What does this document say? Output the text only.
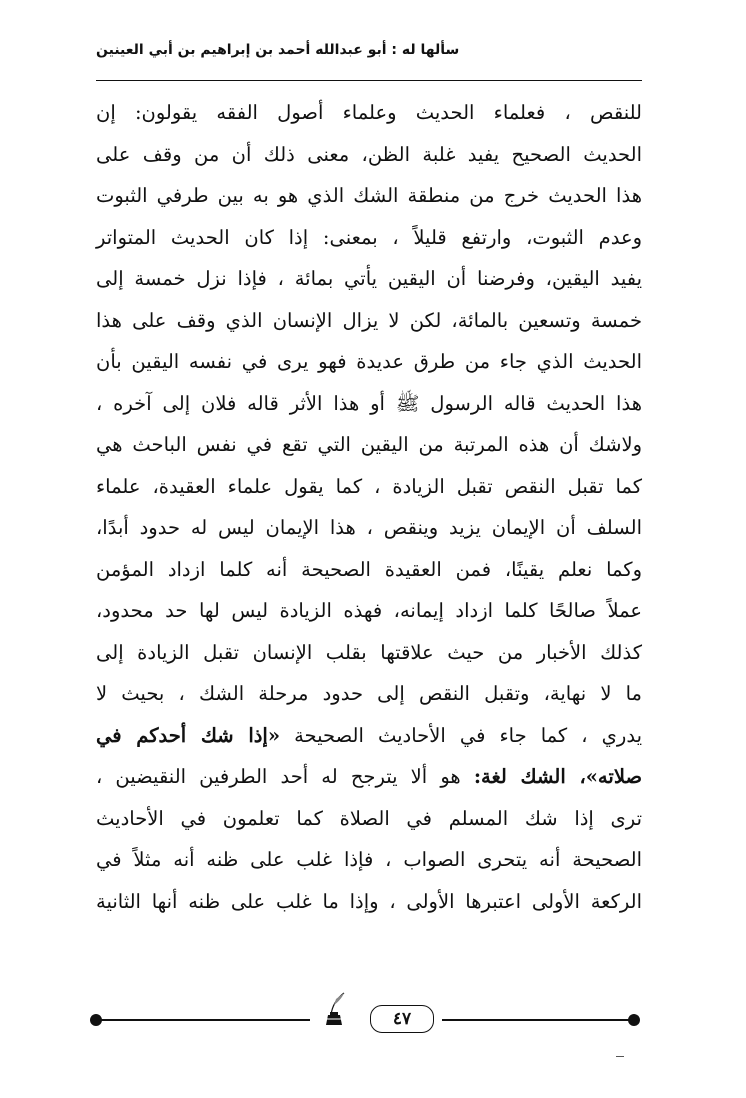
سألها له : أبو عبدالله أحمد بن إبراهيم بن أبي العينين
للنقص ، فعلماء الحديث وعلماء أصول الفقه يقولون: إن
الحديث الصحيح يفيد غلبة الظن، معنى ذلك أن من وقف على
هذا الحديث خرج من منطقة الشك الذي هو به بين طرفي الثبوت
وعدم الثبوت، وارتفع قليلاً ، بمعنى: إذا كان الحديث المتواتر
يفيد اليقين، وفرضنا أن اليقين يأتي بمائة ، فإذا نزل خمسة إلى
خمسة وتسعين بالمائة، لكن لا يزال الإنسان الذي وقف على هذا
الحديث الذي جاء من طرق عديدة فهو يرى في نفسه اليقين بأن
هذا الحديث قاله الرسول ﷺ أو هذا الأثر قاله فلان إلى آخره ،
ولاشك أن هذه المرتبة من اليقين التي تقع في نفس الباحث هي
كما تقبل النقص تقبل الزيادة ، كما يقول علماء العقيدة، علماء
السلف أن الإيمان يزيد وينقص ، هذا الإيمان ليس له حدود أبدًا،
وكما نعلم يقينًا، فمن العقيدة الصحيحة أنه كلما ازداد المؤمن
عملاً صالحًا كلما ازداد إيمانه، فهذه الزيادة ليس لها حد محدود،
كذلك الأخبار من حيث علاقتها بقلب الإنسان تقبل الزيادة إلى
ما لا نهاية، وتقبل النقص إلى حدود مرحلة الشك ، بحيث لا
يدري ، كما جاء في الأحاديث الصحيحة «إذا شك أحدكم في
صلاته»، الشك لغة: هو ألا يترجح له أحد الطرفين النقيضين ،
ترى إذا شك المسلم في الصلاة كما تعلمون في الأحاديث
الصحيحة أنه يتحرى الصواب ، فإذا غلب على ظنه أنه مثلاً في
الركعة الأولى اعتبرها الأولى ، وإذا ما غلب على ظنه أنها الثانية
٤٧
